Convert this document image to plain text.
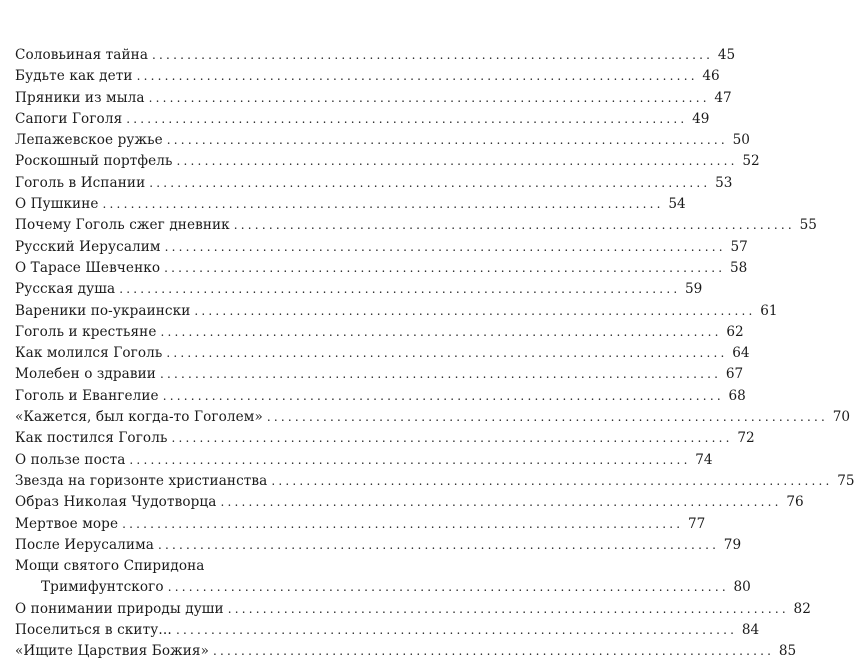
Соловьиная тайна ................................................................................ 45
Будьте как дети ................................................................................ 46
Пряники из мыла ................................................................................ 47
Сапоги Гоголя ................................................................................ 49
Лепажевское ружье ................................................................................ 50
Роскошный портфель ................................................................................ 52
Гоголь в Испании ................................................................................ 53
О Пушкине ................................................................................ 54
Почему Гоголь сжег дневник ................................................................................ 55
Русский Иерусалим ................................................................................ 57
О Тарасе Шевченко ................................................................................ 58
Русская душа ................................................................................ 59
Вареники по-украински ................................................................................ 61
Гоголь и крестьяне ................................................................................ 62
Как молился Гоголь ................................................................................ 64
Молебен о здравии ................................................................................ 67
Гоголь и Евангелие ................................................................................ 68
«Кажется, был когда-то Гоголем» ................................................................................ 70
Как постился Гоголь ................................................................................ 72
О пользе поста ................................................................................ 74
Звезда на горизонте христианства ................................................................................ 75
Образ Николая Чудотворца ................................................................................ 76
Мертвое море ................................................................................ 77
После Иерусалима ................................................................................ 79
Мощи святого Спиридона
Тримифунтского ................................................................................ 80
О понимании природы души ................................................................................ 82
Поселиться в скиту… ................................................................................ 84
«Ищите Царствия Божия» ................................................................................ 85
